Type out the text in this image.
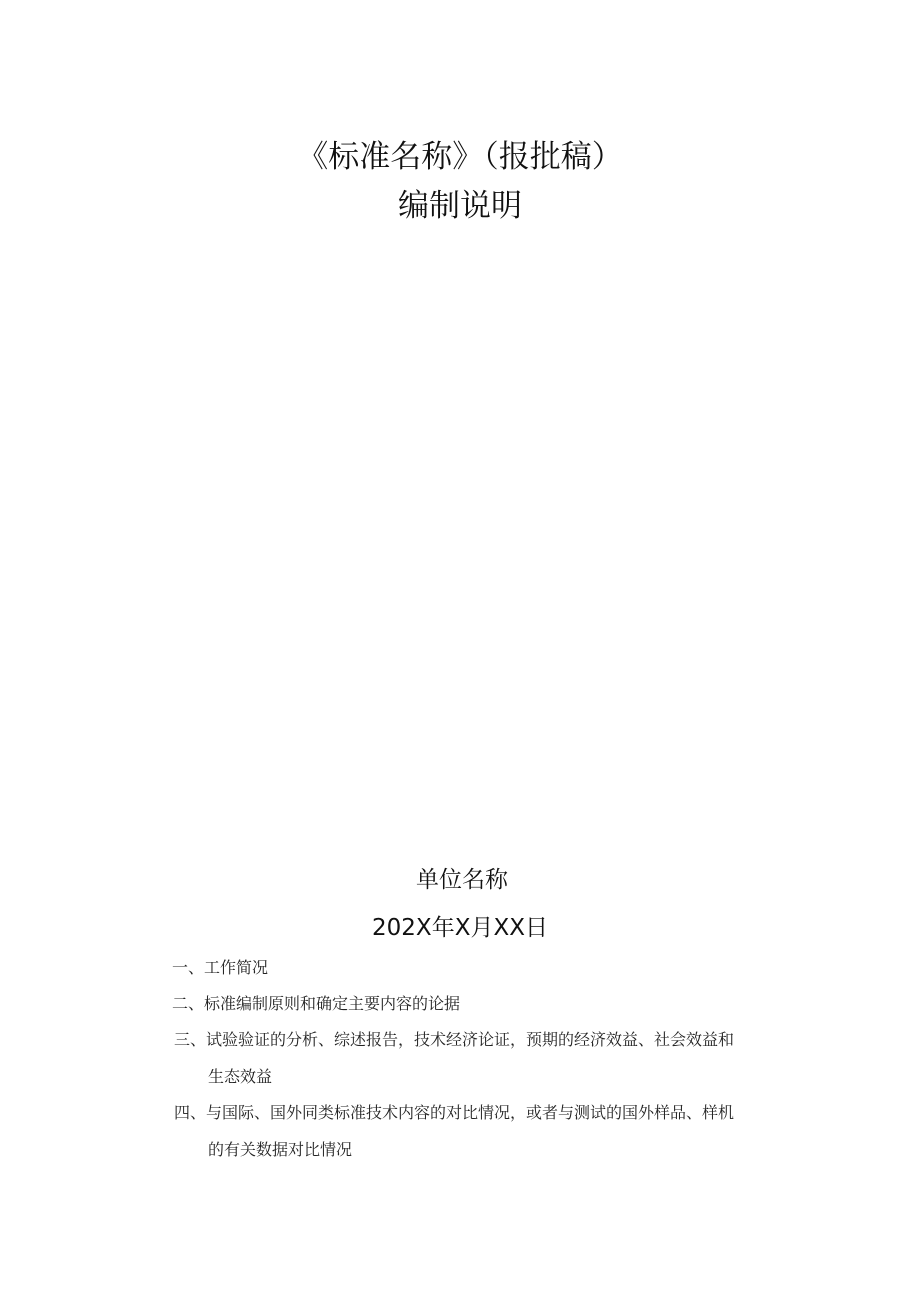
《标准名称》（报批稿）
编制说明
单位名称
202X年X月XX日
一、工作简况
二、标准编制原则和确定主要内容的论据
三、试验验证的分析、综述报告，技术经济论证，预期的经济效益、社会效益和
生态效益
四、与国际、国外同类标准技术内容的对比情况，或者与测试的国外样品、样机
的有关数据对比情况
